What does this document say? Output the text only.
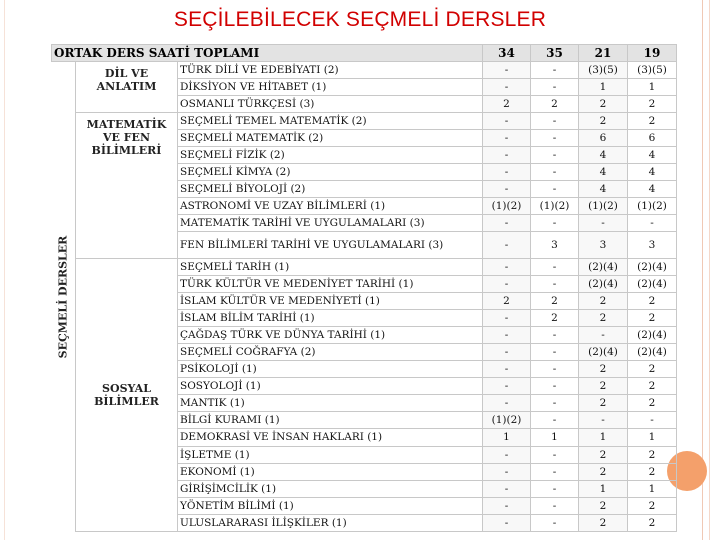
SEÇİLEBİLECEK SEÇMELİ DERSLER
ORTAK DERS SAATİ TOPLAMI			34	35	21	19

SEÇMELİ DERSLER	DİL VE ANLATIM	TÜRK DİLİ VE EDEBİYATI (2)	-	-	(3)(5)	(3)(5)
		DİKSİYON VE HİTABET (1)	-	-	1	1
		OSMANLI TÜRKÇESİ (3)	2	2	2	2
	MATEMATİK VE FEN BİLİMLERİ	SEÇMELİ TEMEL MATEMATİK (2)	-	-	2	2
		SEÇMELİ MATEMATİK (2)	-	-	6	6
		SEÇMELİ FİZİK (2)	-	-	4	4
		SEÇMELİ KİMYA (2)	-	-	4	4
		SEÇMELİ BİYOLOJİ (2)	-	-	4	4
		ASTRONOMİ VE UZAY BİLİMLERİ (1)	(1)(2)	(1)(2)	(1)(2)	(1)(2)
		MATEMATİK TARİHİ VE UYGULAMALARI (3)	-	-	-	-
		FEN BİLİMLERİ TARİHİ VE UYGULAMALARI (3)	-	3	3	3
	SOSYAL BİLİMLER	SEÇMELİ TARİH (1)	-	-	(2)(4)	(2)(4)
		TÜRK KÜLTÜR VE MEDENİYET TARİHİ (1)	-	-	(2)(4)	(2)(4)
		İSLAM KÜLTÜR VE MEDENİYETİ (1)	2	2	2	2
		İSLAM BİLİM TARİHİ (1)	-	2	2	2
		ÇAĞDAŞ TÜRK VE DÜNYA TARİHİ (1)	-	-	-	(2)(4)
		SEÇMELİ COĞRAFYA (2)	-	-	(2)(4)	(2)(4)
		PSİKOLOJİ (1)	-	-	2	2
		SOSYOLOJİ (1)	-	-	2	2
		MANTIK (1)	-	-	2	2
		BİLGİ KURAMI (1)	(1)(2)	-	-	-
		DEMOKRASİ VE İNSAN HAKLARI (1)	1	1	1	1
		İŞLETME (1)	-	-	2	2
		EKONOMİ (1)	-	-	2	2
		GİRİŞİMCİLİK (1)	-	-	1	1
		YÖNETİM BİLİMİ (1)	-	-	2	2
		ULUSLARARASI İLİŞKİLER (1)	-	-	2	2
